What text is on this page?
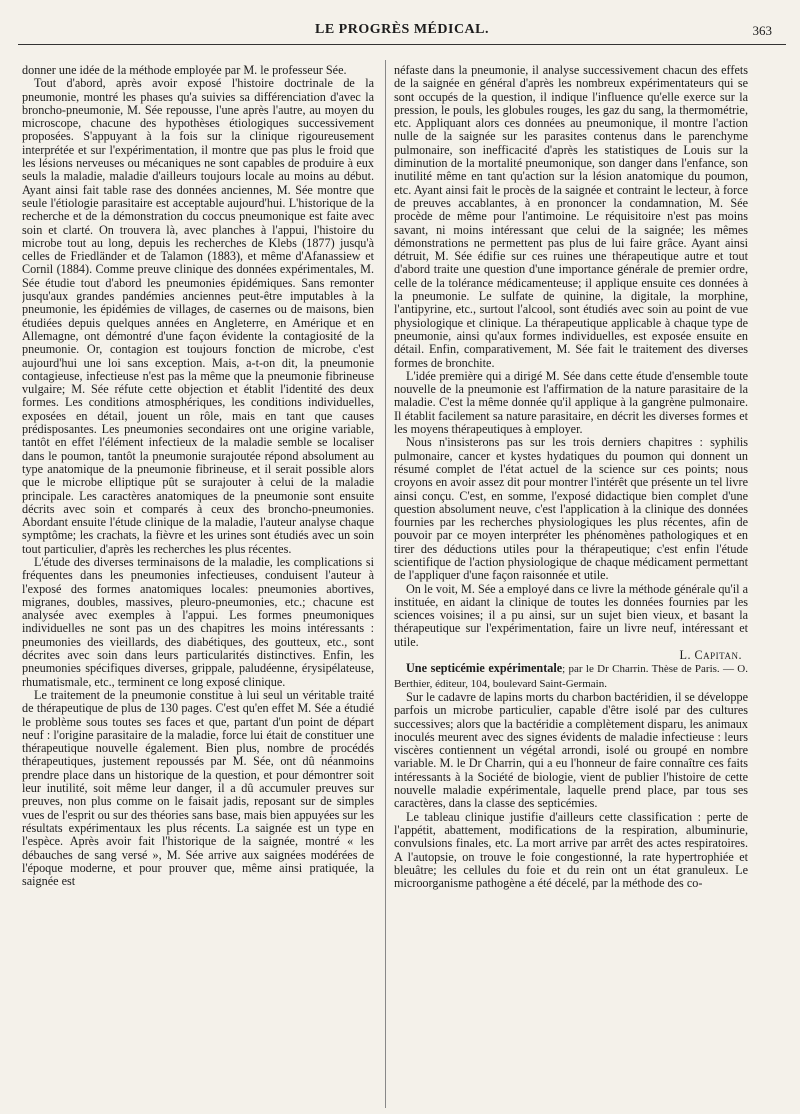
LE PROGRÈS MÉDICAL.	363

donner une idée de la méthode employée par M. le professeur Sée.

Tout d'abord, après avoir exposé l'histoire doctrinale de la pneumonie, montré les phases qu'a suivies sa différenciation d'avec la broncho-pneumonie, M. Sée repousse, l'une après l'autre, au moyen du microscope, chacune des hypothèses étiologiques successivement proposées. S'appuyant à la fois sur la clinique rigoureusement interprétée et sur l'expérimentation, il montre que pas plus le froid que les lésions nerveuses ou mécaniques ne sont capables de produire à eux seuls la maladie, maladie d'ailleurs toujours locale au moins au début. Ayant ainsi fait table rase des données anciennes, M. Sée montre que seule l'étiologie parasitaire est acceptable aujourd'hui. L'historique de la recherche et de la démonstration du coccus pneumonique est faite avec soin et clarté. On trouvera là, avec planches à l'appui, l'histoire du microbe tout au long, depuis les recherches de Klebs (1877) jusqu'à celles de Friedländer et de Talamon (1883), et même d'Afanassiew et Cornil (1884). Comme preuve clinique des données expérimentales, M. Sée étudie tout d'abord les pneumonies épidémiques. Sans remonter jusqu'aux grandes pandémies anciennes peut-être imputables à la pneumonie, les épidémies de villages, de casernes ou de maisons, bien étudiées depuis quelques années en Angleterre, en Amérique et en Allemagne, ont démontré d'une façon évidente la contagiosité de la pneumonie. Or, contagion est toujours fonction de microbe, c'est aujourd'hui une loi sans exception. Mais, a-t-on dit, la pneumonie contagieuse, infectieuse n'est pas la même que la pneumonie fibrineuse vulgaire; M. Sée réfute cette objection et établit l'identité des deux formes. Les conditions atmosphériques, les conditions individuelles, exposées en détail, jouent un rôle, mais en tant que causes prédisposantes. Les pneumonies secondaires ont une origine variable, tantôt en effet l'élément infectieux de la maladie semble se localiser dans le poumon, tantôt la pneumonie surajoutée répond absolument au type anatomique de la pneumonie fibrineuse, et il serait possible alors que le microbe elliptique pût se surajouter à celui de la maladie principale. Les caractères anatomiques de la pneumonie sont ensuite décrits avec soin et comparés à ceux des broncho-pneumonies. Abordant ensuite l'étude clinique de la maladie, l'auteur analyse chaque symptôme; les crachats, la fièvre et les urines sont étudiés avec un soin tout particulier, d'après les recherches les plus récentes.

L'étude des diverses terminaisons de la maladie, les complications si fréquentes dans les pneumonies infectieuses, conduisent l'auteur à l'exposé des formes anatomiques locales: pneumonies abortives, migranes, doubles, massives, pleuro-pneumonies, etc.; chacune est analysée avec exemples à l'appui. Les formes pneumoniques individuelles ne sont pas un des chapitres les moins intéressants : pneumonies des vieillards, des diabétiques, des goutteux, etc., sont décrites avec soin dans leurs particularités distinctives. Enfin, les pneumonies spécifiques diverses, grippale, paludéenne, érysipélateuse, rhumatismale, etc., terminent ce long exposé clinique.

Le traitement de la pneumonie constitue à lui seul un véritable traité de thérapeutique de plus de 130 pages. C'est qu'en effet M. Sée a étudié le problème sous toutes ses faces et que, partant d'un point de départ neuf : l'origine parasitaire de la maladie, force lui était de constituer une thérapeutique nouvelle également. Bien plus, nombre de procédés thérapeutiques, justement repoussés par M. Sée, ont dû néanmoins prendre place dans un historique de la question, et pour démontrer soit leur inutilité, soit même leur danger, il a dû accumuler preuves sur preuves, non plus comme on le faisait jadis, reposant sur de simples vues de l'esprit ou sur des théories sans base, mais bien appuyées sur les résultats expérimentaux les plus récents. La saignée est un type en l'espèce. Après avoir fait l'historique de la saignée, montré « les débauches de sang versé », M. Sée arrive aux saignées modérées de l'époque moderne, et pour prouver que, même ainsi pratiquée, la saignée est

néfaste dans la pneumonie, il analyse successivement chacun des effets de la saignée en général d'après les nombreux expérimentateurs qui se sont occupés de la question, il indique l'influence qu'elle exerce sur la pression, le pouls, les globules rouges, les gaz du sang, la thermométrie, etc. Appliquant alors ces données au pneumonique, il montre l'action nulle de la saignée sur les parasites contenus dans le parenchyme pulmonaire, son inefficacité d'après les statistiques de Louis sur la diminution de la mortalité pneumonique, son danger dans l'enfance, son inutilité même en tant qu'action sur la lésion anatomique du poumon, etc. Ayant ainsi fait le procès de la saignée et contraint le lecteur, à force de preuves accablantes, à en prononcer la condamnation, M. Sée procède de même pour l'antimoine. Le réquisitoire n'est pas moins savant, ni moins intéressant que celui de la saignée; les mêmes démonstrations ne permettent pas plus de lui faire grâce. Ayant ainsi détruit, M. Sée édifie sur ces ruines une thérapeutique autre et tout d'abord traite une question d'une importance générale de premier ordre, celle de la tolérance médicamenteuse; il applique ensuite ces données à la pneumonie. Le sulfate de quinine, la digitale, la morphine, l'antipyrine, etc., surtout l'alcool, sont étudiés avec soin au point de vue physiologique et clinique. La thérapeutique applicable à chaque type de pneumonie, ainsi qu'aux formes individuelles, est exposée ensuite en détail. Enfin, comparativement, M. Sée fait le traitement des diverses formes de bronchite.

L'idée première qui a dirigé M. Sée dans cette étude d'ensemble toute nouvelle de la pneumonie est l'affirmation de la nature parasitaire de la maladie. C'est la même donnée qu'il applique à la gangrène pulmonaire. Il établit facilement sa nature parasitaire, en décrit les diverses formes et les moyens thérapeutiques à employer.

Nous n'insisterons pas sur les trois derniers chapitres : syphilis pulmonaire, cancer et kystes hydatiques du poumon qui donnent un résumé complet de l'état actuel de la science sur ces points; nous croyons en avoir assez dit pour montrer l'intérêt que présente un tel livre ainsi conçu. C'est, en somme, l'exposé didactique bien complet d'une question absolument neuve, c'est l'application à la clinique des données fournies par les recherches physiologiques les plus récentes, afin de pouvoir par ce moyen interpréter les phénomènes pathologiques et en tirer des déductions utiles pour la thérapeutique; c'est enfin l'étude scientifique de l'action physiologique de chaque médicament permettant de l'appliquer d'une façon raisonnée et utile.

On le voit, M. Sée a employé dans ce livre la méthode générale qu'il a instituée, en aidant la clinique de toutes les données fournies par les sciences voisines; il a pu ainsi, sur un sujet bien vieux, et basant la thérapeutique sur l'expérimentation, faire un livre neuf, intéressant et utile.

L. Capitan.

Une septicémie expérimentale; par le Dr Charrin. Thèse de Paris. — O. Berthier, éditeur, 104, boulevard Saint-Germain.

Sur le cadavre de lapins morts du charbon bactéridien, il se développe parfois un microbe particulier, capable d'être isolé par des cultures successives; alors que la bactéridie a complètement disparu, les animaux inoculés meurent avec des signes évidents de maladie infectieuse : leurs viscères contiennent un végétal arrondi, isolé ou groupé en nombre variable. M. le Dr Charrin, qui a eu l'honneur de faire connaître ces faits intéressants à la Société de biologie, vient de publier l'histoire de cette nouvelle maladie expérimentale, laquelle prend place, par tous ses caractères, dans la classe des septicémies.

Le tableau clinique justifie d'ailleurs cette classification : perte de l'appétit, abattement, modifications de la respiration, albuminurie, convulsions finales, etc. La mort arrive par arrêt des actes respiratoires. A l'autopsie, on trouve le foie congestionné, la rate hypertrophiée et bleuâtre; les cellules du foie et du rein ont un état granuleux. Le microorganisme pathogène a été décelé, par la méthode des co-
